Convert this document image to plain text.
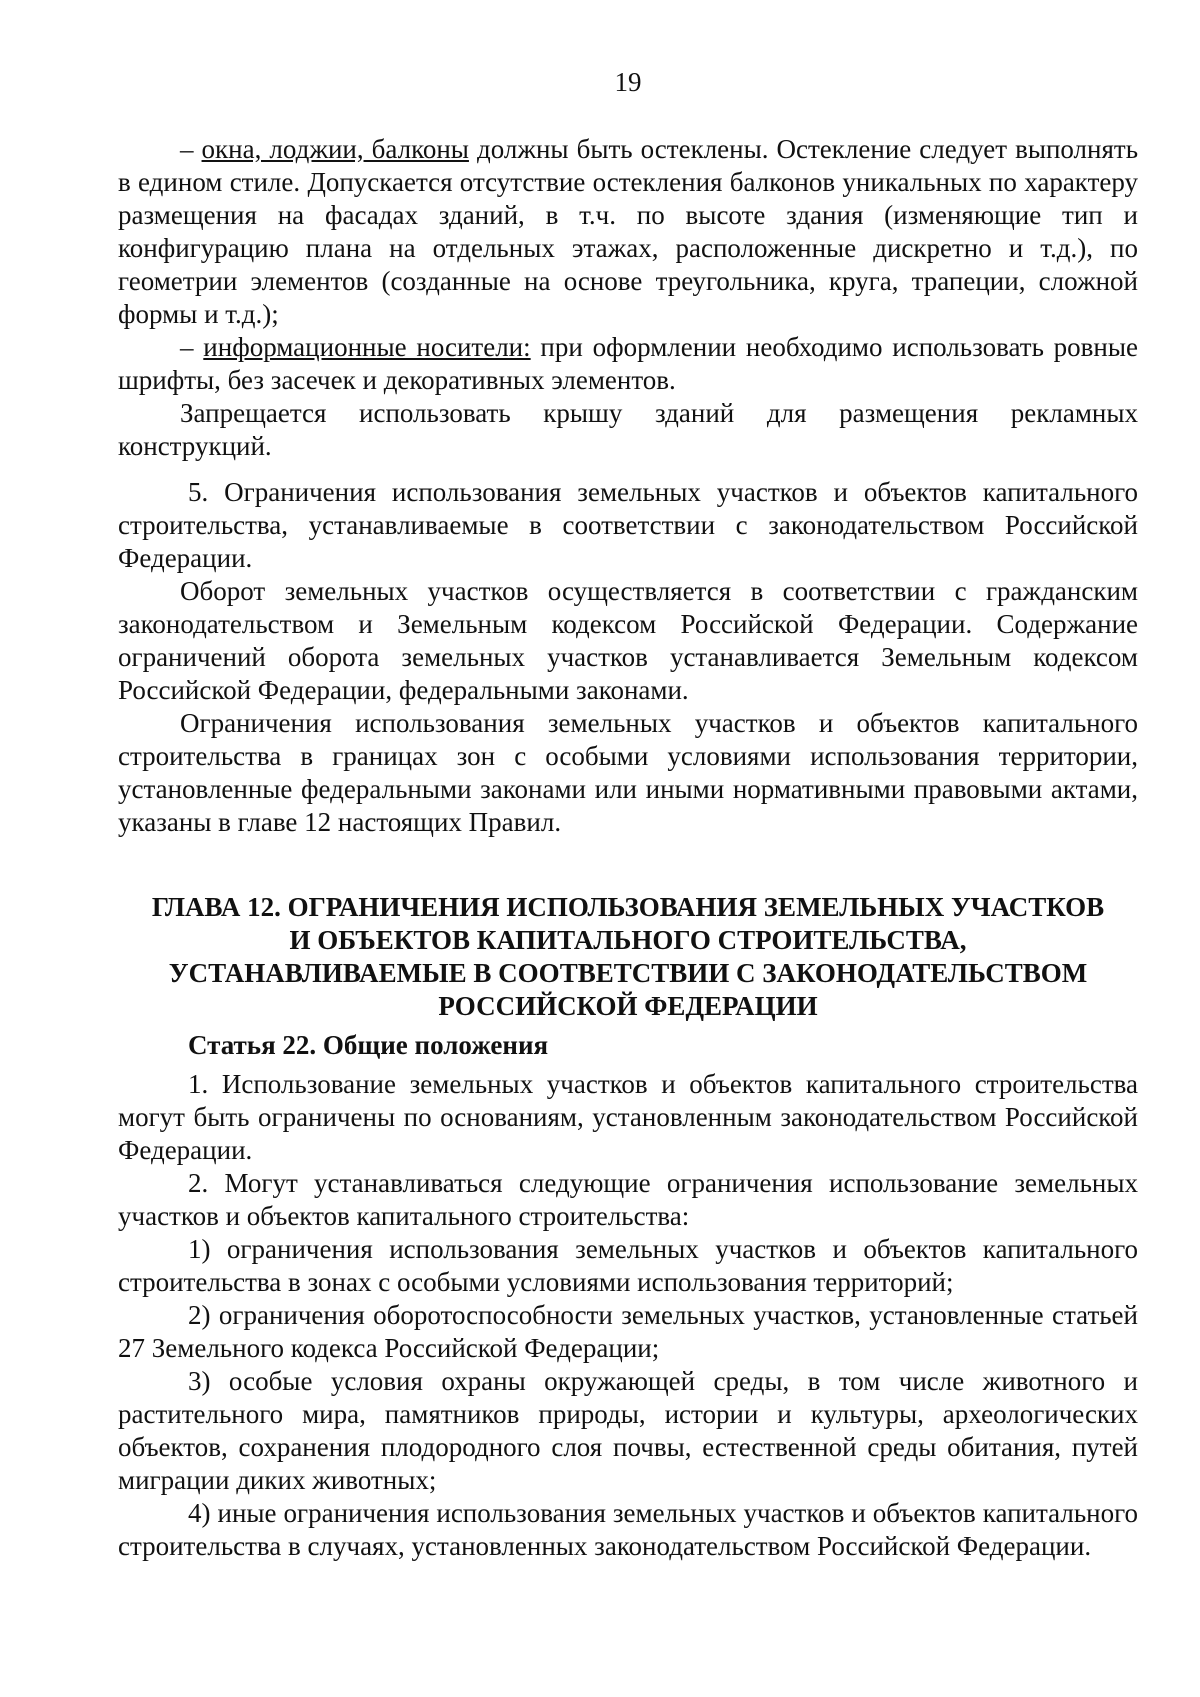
19

– окна, лоджии, балконы должны быть остеклены. Остекление следует выполнять в едином стиле. Допускается отсутствие остекления балконов уникальных по характеру размещения на фасадах зданий, в т.ч. по высоте здания (изменяющие тип и конфигурацию плана на отдельных этажах, расположенные дискретно и т.д.), по геометрии элементов (созданные на основе треугольника, круга, трапеции, сложной формы и т.д.);

– информационные носители: при оформлении необходимо использовать ровные шрифты, без засечек и декоративных элементов.

Запрещается использовать крышу зданий для размещения рекламных конструкций.

5. Ограничения использования земельных участков и объектов капитального строительства, устанавливаемые в соответствии с законодательством Российской Федерации.

Оборот земельных участков осуществляется в соответствии с гражданским законодательством и Земельным кодексом Российской Федерации. Содержание ограничений оборота земельных участков устанавливается Земельным кодексом Российской Федерации, федеральными законами.

Ограничения использования земельных участков и объектов капитального строительства в границах зон с особыми условиями использования территории, установленные федеральными законами или иными нормативными правовыми актами, указаны в главе 12 настоящих Правил.

ГЛАВА 12. ОГРАНИЧЕНИЯ ИСПОЛЬЗОВАНИЯ ЗЕМЕЛЬНЫХ УЧАСТКОВ
И ОБЪЕКТОВ КАПИТАЛЬНОГО СТРОИТЕЛЬСТВА,
УСТАНАВЛИВАЕМЫЕ В СООТВЕТСТВИИ С ЗАКОНОДАТЕЛЬСТВОМ
РОССИЙСКОЙ ФЕДЕРАЦИИ

Статья 22. Общие положения

1. Использование земельных участков и объектов капитального строительства могут быть ограничены по основаниям, установленным законодательством Российской Федерации.

2. Могут устанавливаться следующие ограничения использование земельных участков и объектов капитального строительства:

1) ограничения использования земельных участков и объектов капитального строительства в зонах с особыми условиями использования территорий;

2) ограничения оборотоспособности земельных участков, установленные статьей 27 Земельного кодекса Российской Федерации;

3) особые условия охраны окружающей среды, в том числе животного и растительного мира, памятников природы, истории и культуры, археологических объектов, сохранения плодородного слоя почвы, естественной среды обитания, путей миграции диких животных;

4) иные ограничения использования земельных участков и объектов капитального строительства в случаях, установленных законодательством Российской Федерации.
